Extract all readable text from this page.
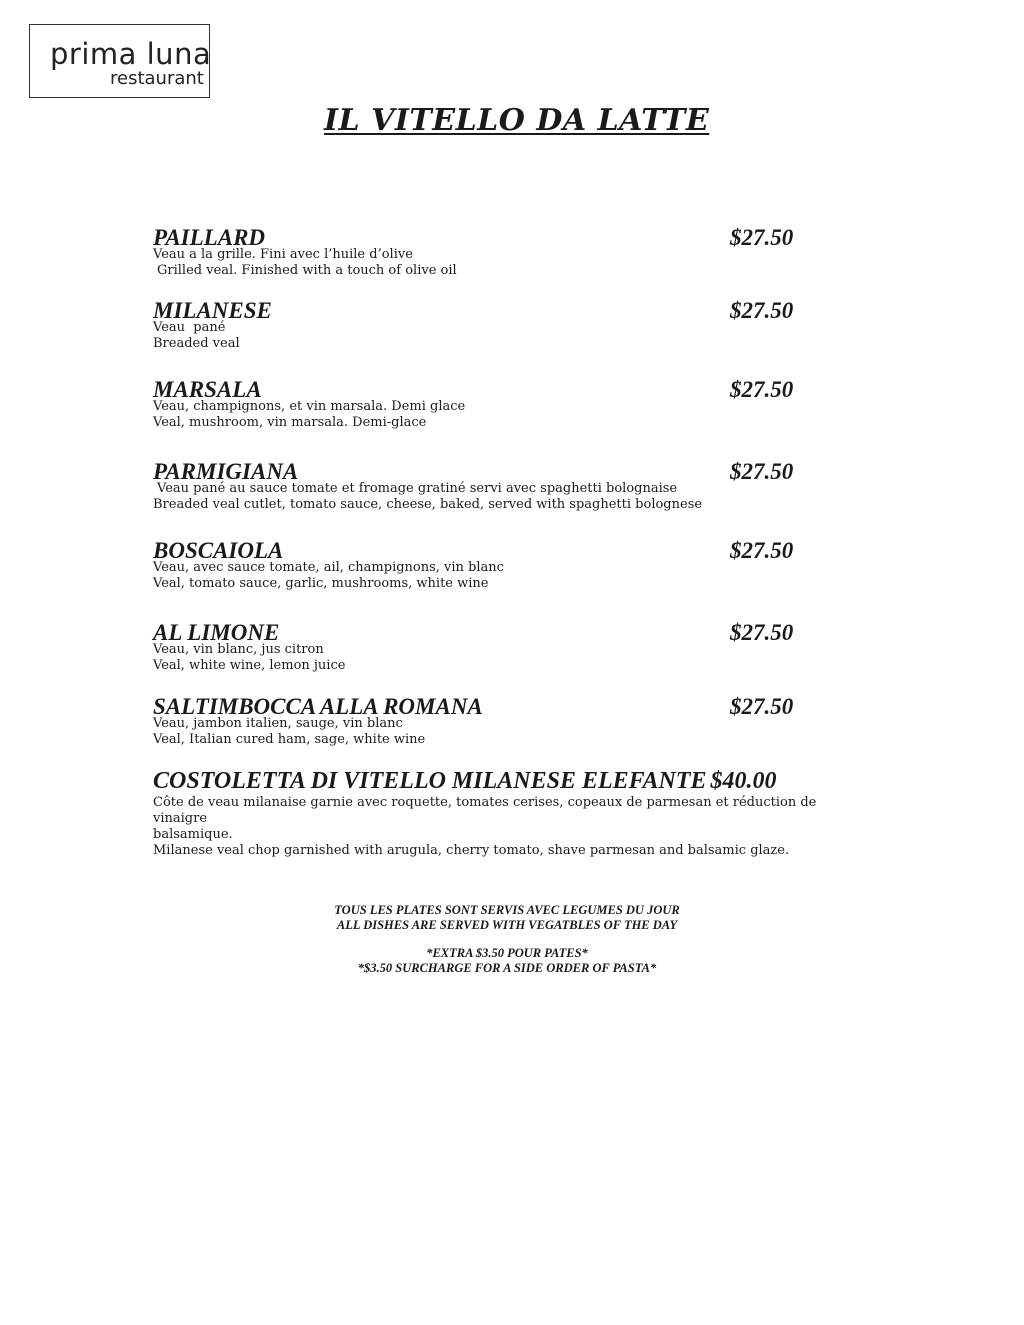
prima luna
restaurant
IL VITELLO DA LATTE
PAILLARD	$27.50
Veau a la grille. Fini avec l’huile d’olive
Grilled veal. Finished with a touch of olive oil
MILANESE	$27.50
Veau  pané
Breaded veal
MARSALA	$27.50
Veau, champignons, et vin marsala. Demi glace
Veal, mushroom, vin marsala. Demi-glace
PARMIGIANA	$27.50
Veau pané au sauce tomate et fromage gratiné servi avec spaghetti bolognaise
Breaded veal cutlet, tomato sauce, cheese, baked, served with spaghetti bolognese
BOSCAIOLA	$27.50
Veau, avec sauce tomate, ail, champignons, vin blanc
Veal, tomato sauce, garlic, mushrooms, white wine
AL LIMONE	$27.50
Veau, vin blanc, jus citron
Veal, white wine, lemon juice
SALTIMBOCCA ALLA ROMANA	$27.50
Veau, jambon italien, sauge, vin blanc
Veal, Italian cured ham, sage, white wine
COSTOLETTA DI VITELLO MILANESE ELEFANTE $40.00
Côte de veau milanaise garnie avec roquette, tomates cerises, copeaux de parmesan et réduction de vinaigre
balsamique.
Milanese veal chop garnished with arugula, cherry tomato, shave parmesan and balsamic glaze.
TOUS LES PLATES SONT SERVIS AVEC LEGUMES DU JOUR
ALL DISHES ARE SERVED WITH VEGATBLES OF THE DAY
*EXTRA $3.50 POUR PATES*
*$3.50 SURCHARGE FOR A SIDE ORDER OF PASTA*
